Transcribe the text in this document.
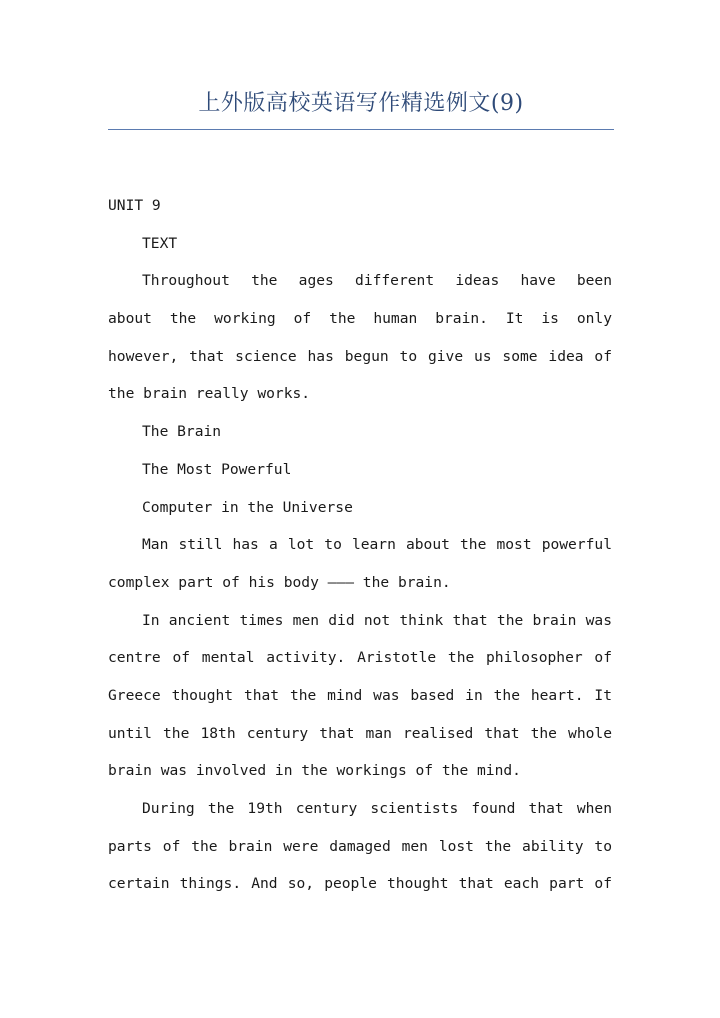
上外版高校英语写作精选例文(9)
UNIT 9
TEXT
Throughout the ages different ideas have been
about the working of the human brain. It is only
however, that science has begun to give us some idea of
the brain really works.
The Brain
The Most Powerful
Computer in the Universe
Man still has a lot to learn about the most powerful
complex part of his body ——— the brain.
In ancient times men did not think that the brain was
centre of mental activity. Aristotle the philosopher of
Greece thought that the mind was based in the heart. It
until the 18th century that man realised that the whole
brain was involved in the workings of the mind.
During the 19th century scientists found that when
parts of the brain were damaged men lost the ability to
certain things. And so, people thought that each part of
